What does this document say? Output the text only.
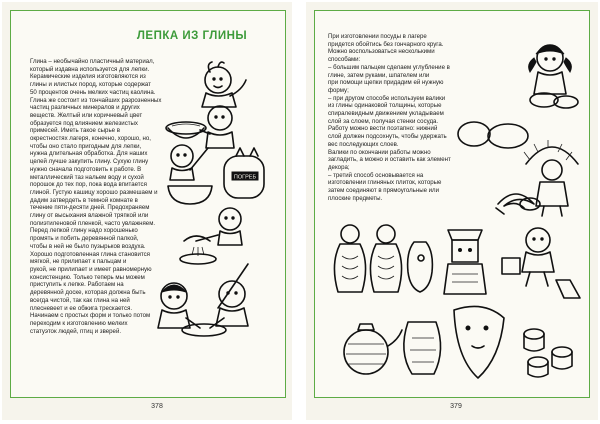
ЛЕПКА ИЗ ГЛИНЫ
Глина – необычайно пластичный материал,
который издавна используется для лепки.
Керамические изделия изготовляются из
глины и илистых пород, которые содержат
50 процентов очень мелких частиц каолина.
Глина же состоит из тончайших разрозненных
частиц различных минералов и других
веществ. Желтый или коричневый цвет
образуется под влиянием железистых
примесей. Иметь такое сырье в
окрестностях лагеря, конечно, хорошо, но,
чтобы оно стало пригодным для лепки,
нужна длительная обработка. Для наших
целей лучше закупить глину. Сухую глину
нужно сначала подготовить к работе. В
металлический таз нальем воду и сухой
порошок до тех пор, пока вода впитается
глиной. Густую кашицу хорошо размешаем и
дадим затвердеть в темной комнате в
течение пяти-десяти дней. Предохраняем
глину от высыхания влажной тряпкой или
полиэтиленовой пленкой, часто увлажняем.
Перед лепкой глину надо хорошенько
промять и побить деревянной палкой,
чтобы в ней не было пузырьков воздуха.
Хорошо подготовленная глина становится
мягкой, не прилипает к пальцам и
рукой, не прилипает и имеет равномерную
консистенцию. Только теперь мы можем
приступить к лепке. Работаем на
деревянной доске, которая должна быть
всегда чистой, так как глина на ней
плесневеет и ее обжига трескается.
Начинаем с простых форм и только потом
переходим к изготовлению мелких
статуэток людей, птиц и зверей.
ПОГРЕБ
378
При изготовлении посуды в лагере
придется обойтись без гончарного круга.
Можно воспользоваться несколькими
способами:
– большим пальцем сделаем углубление в
глине, затем руками, шпателем или
при помощи щепки придадим ей нужную
форму;
– при другом способе используем валики
из глины одинаковой толщины, которые
спиралевидным движением укладываем
слой за слоем, получая стенки сосуда.
Работу можно вести поэтапно: нижний
слой должен подсохнуть, чтобы удержать
вес последующих слоев.
Валики по окончании работы можно
загладить, а можно и оставить как элемент
декора;
– третий способ основывается на
изготовлении глиняных плиток, которые
затем соединяют в прямоугольные или
плоские предметы.
379
